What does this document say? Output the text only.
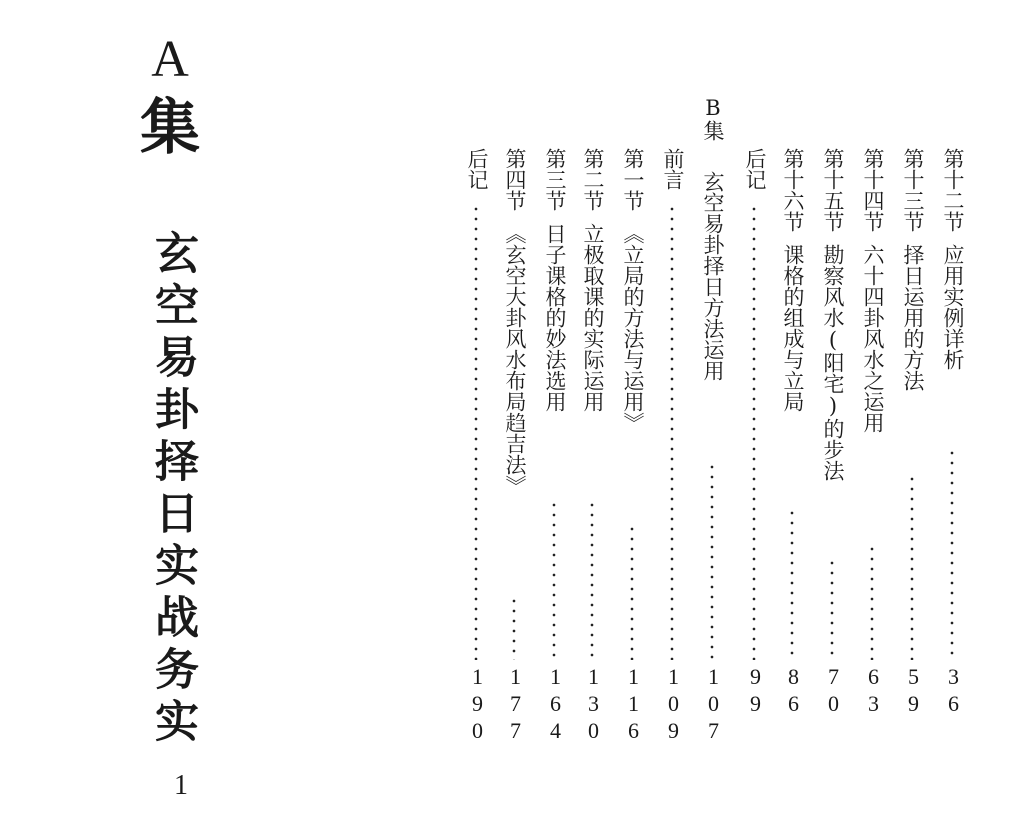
A
集
玄空易卦择日实战务实
1
第十二节应用实例详析
36
第十三节择日运用的方法
59
第十四节六十四卦风水之运用
63
第十五节勘察风水(阳宅)的步法
70
第十六节课格的组成与立局
86
后记
99
B集玄空易卦择日方法运用
107
前言
109
第一节《立局的方法与运用》
116
第二节立极取课的实际运用
130
第三节日子课格的妙法选用
164
第四节《玄空大卦风水布局趋吉法》
177
后记
190
